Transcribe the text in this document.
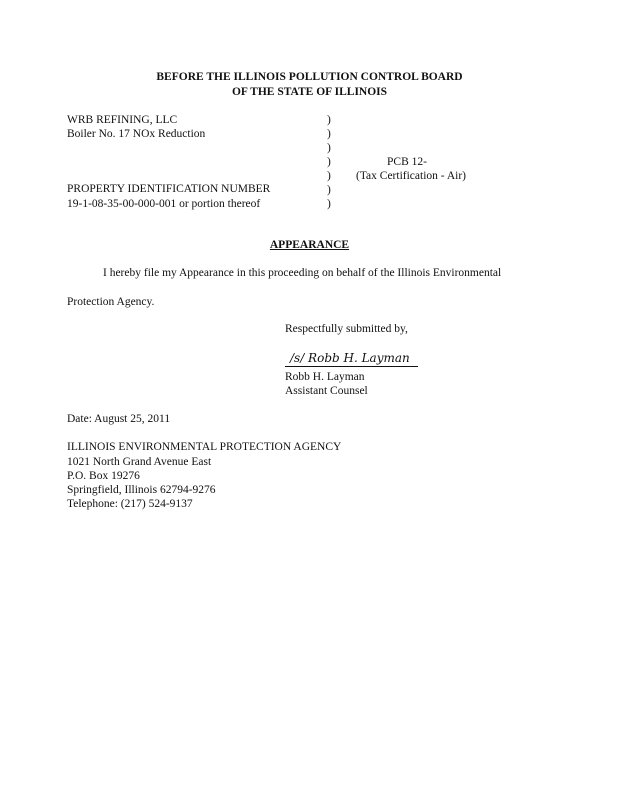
BEFORE THE ILLINOIS POLLUTION CONTROL BOARD
OF THE STATE OF ILLINOIS
WRB REFINING, LLC
Boiler No. 17 NOx Reduction
PROPERTY IDENTIFICATION NUMBER
19-1-08-35-00-000-001 or portion thereof
)
)
)
)
)
)
)
PCB 12-
(Tax Certification - Air)
APPEARANCE
I hereby file my Appearance in this proceeding on behalf of the Illinois Environmental
Protection Agency.
Respectfully submitted by,
/s/ Robb H. Layman
Robb H. Layman
Assistant Counsel
Date: August 25, 2011
ILLINOIS ENVIRONMENTAL PROTECTION AGENCY
1021 North Grand Avenue East
P.O. Box 19276
Springfield, Illinois 62794-9276
Telephone: (217) 524-9137
